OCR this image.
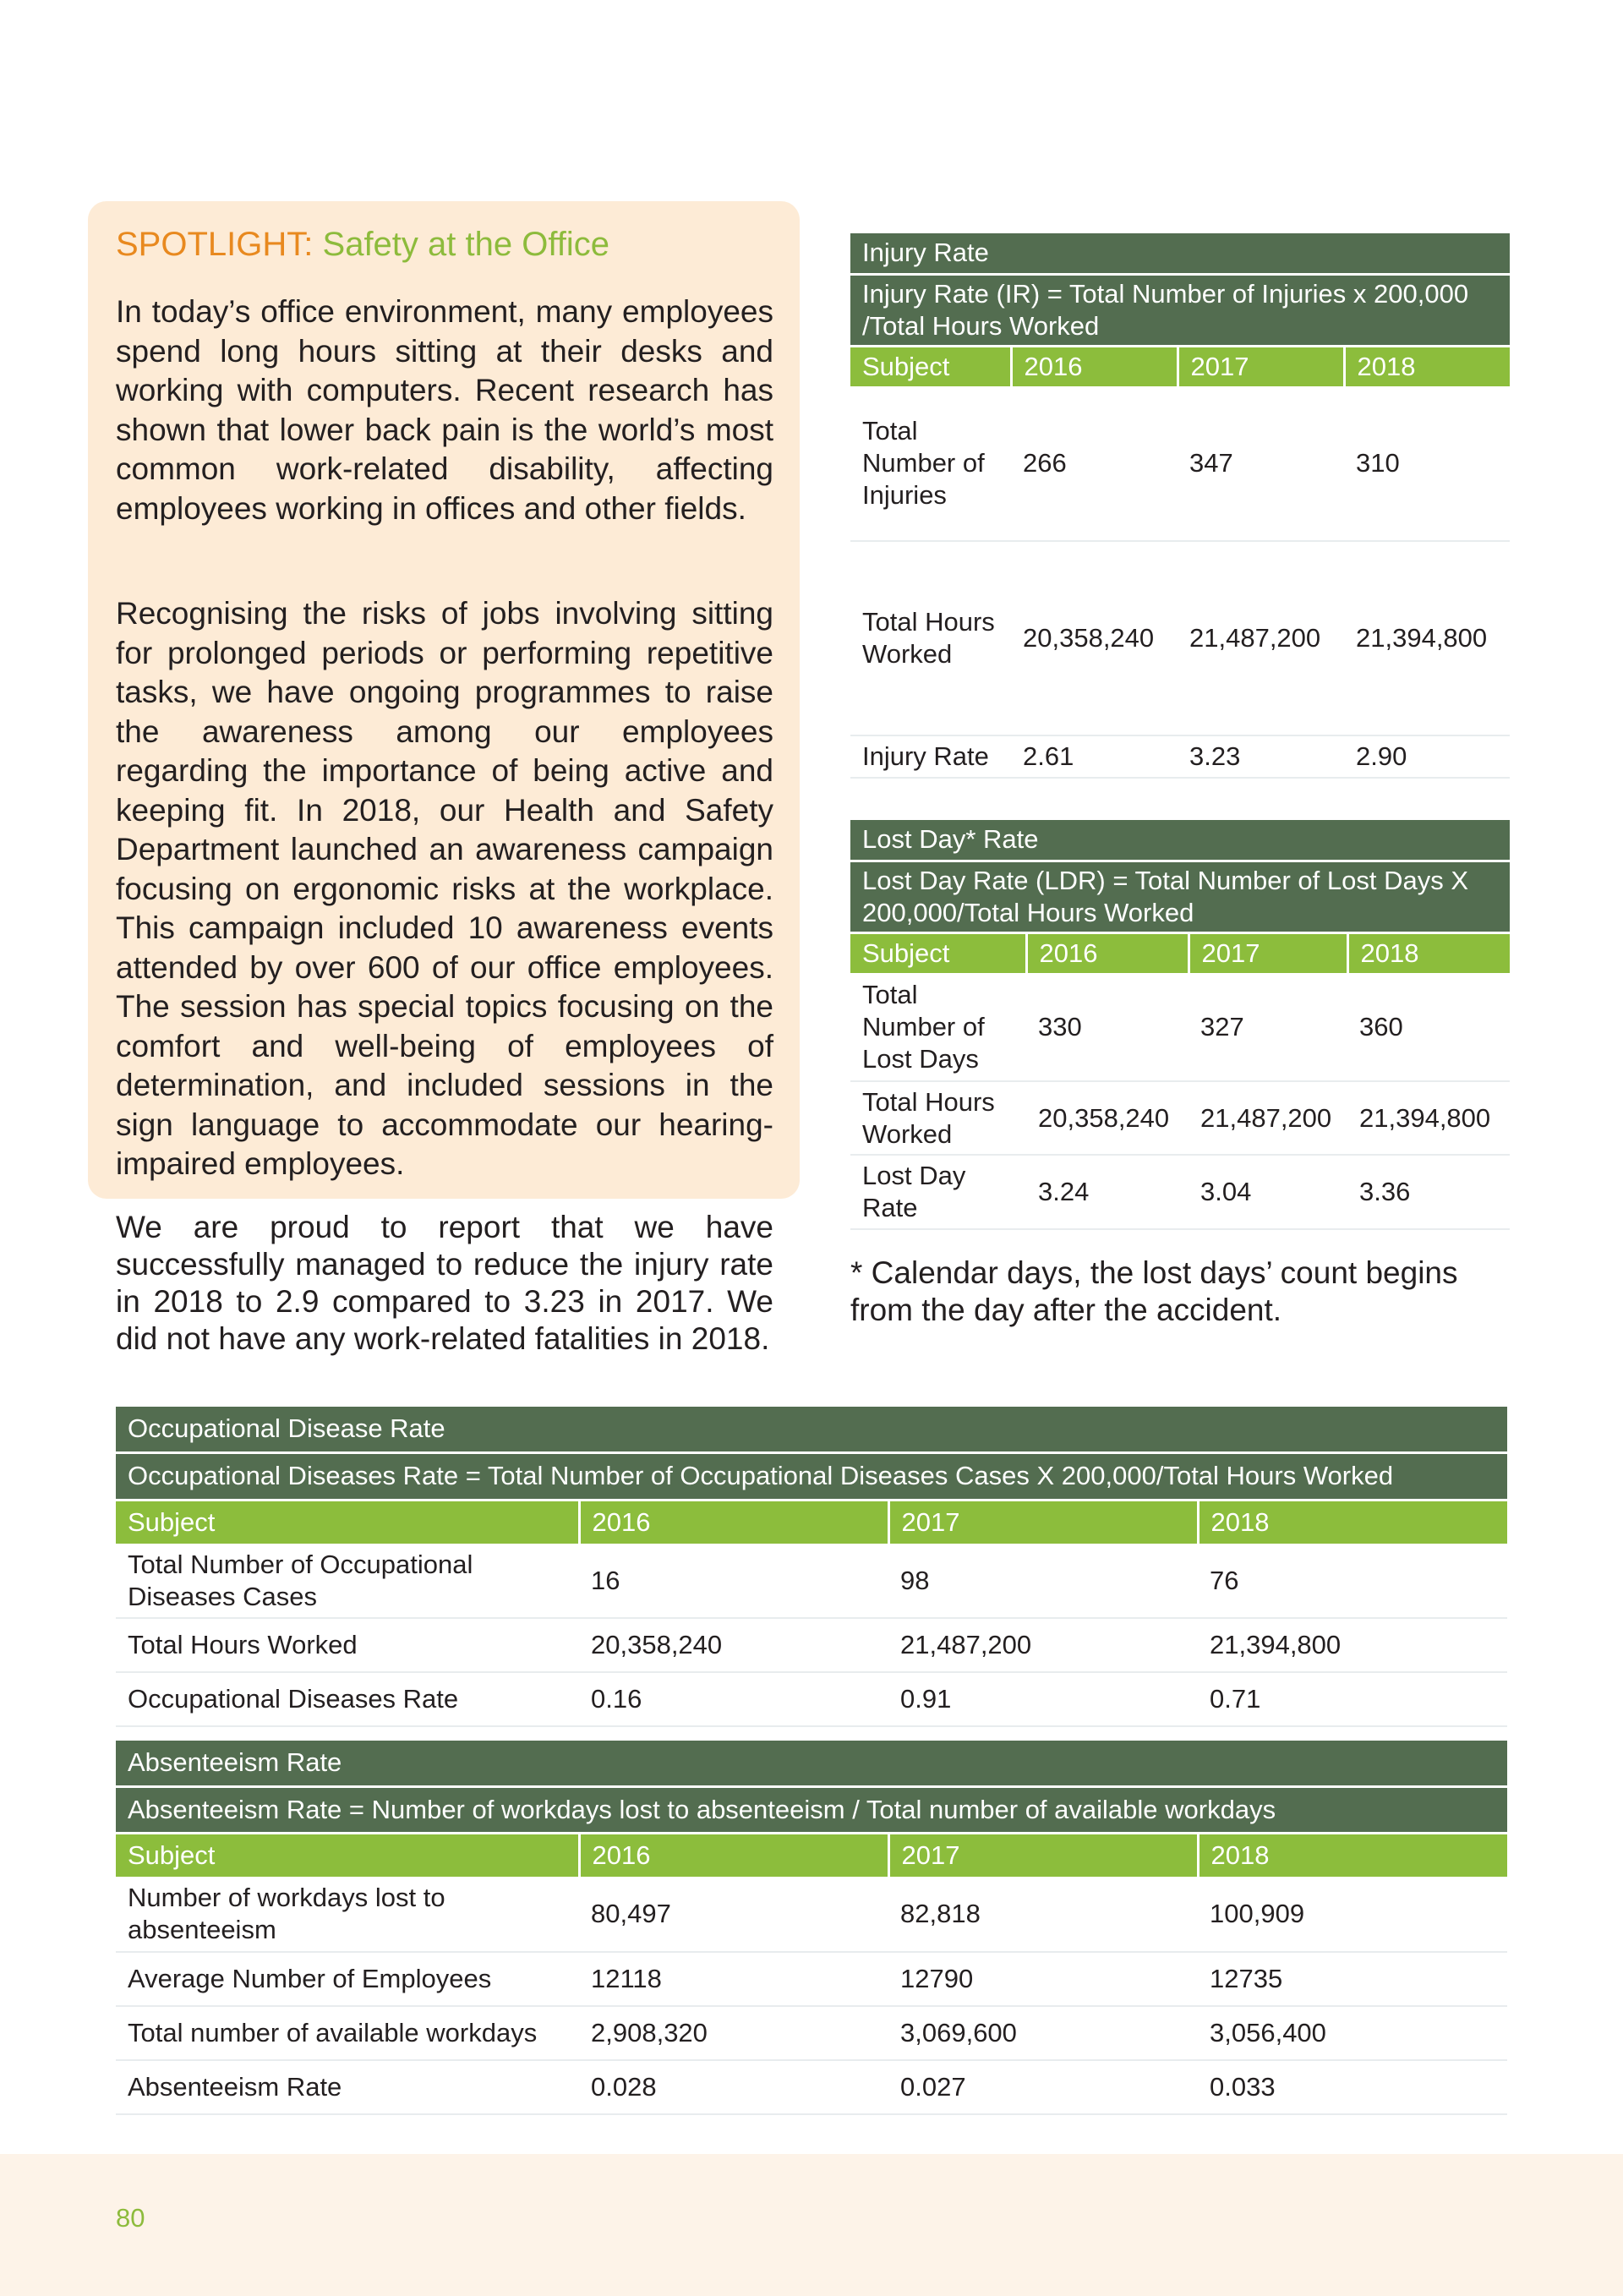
SPOTLIGHT: Safety at the Office

In today’s office environment, many employees spend long hours sitting at their desks and working with computers. Recent research has shown that lower back pain is the world’s most common work-related disability, affecting employees working in offices and other fields.

Recognising the risks of jobs involving sitting for prolonged periods or performing repetitive tasks, we have ongoing programmes to raise the awareness among our employees regarding the importance of being active and keeping fit. In 2018, our Health and Safety Department launched an awareness campaign focusing on ergonomic risks at the workplace. This campaign included 10 awareness events attended by over 600 of our office employees. The session has special topics focusing on the comfort and well-being of employees of determination, and included sessions in the sign language to accommodate our hearing-impaired employees.

We are proud to report that we have successfully managed to reduce the injury rate in 2018 to 2.9 compared to 3.23 in 2017. We did not have any work-related fatalities in 2018.

Injury Rate			
Injury Rate (IR) = Total Number of Injuries x 200,000 /Total Hours Worked			
Subject	2016	2017	2018
Total Number of Injuries	266	347	310
Total Hours Worked	20,358,240	21,487,200	21,394,800
Injury Rate	2.61	3.23	2.90
Lost Day* Rate			
Lost Day Rate (LDR) = Total Number of Lost Days X 200,000/Total Hours Worked			
Subject	2016	2017	2018
Total Number of Lost Days	330	327	360
Total Hours Worked	20,358,240	21,487,200	21,394,800
Lost Day Rate	3.24	3.04	3.36
* Calendar days, the lost days’ count begins from the day after the accident.
Occupational Disease Rate			
Occupational Diseases Rate = Total Number of Occupational Diseases Cases X 200,000/Total Hours Worked			
Subject	2016	2017	2018
Total Number of Occupational Diseases Cases	16	98	76
Total Hours Worked	20,358,240	21,487,200	21,394,800
Occupational Diseases Rate	0.16	0.91	0.71
Absenteeism Rate			
Absenteeism Rate = Number of workdays lost to absenteeism / Total number of available workdays			
Subject	2016	2017	2018
Number of workdays lost to absenteeism	80,497	82,818	100,909
Average Number of Employees	12118	12790	12735
Total number of available workdays	2,908,320	3,069,600	3,056,400
Absenteeism Rate	0.028	0.027	0.033
80
